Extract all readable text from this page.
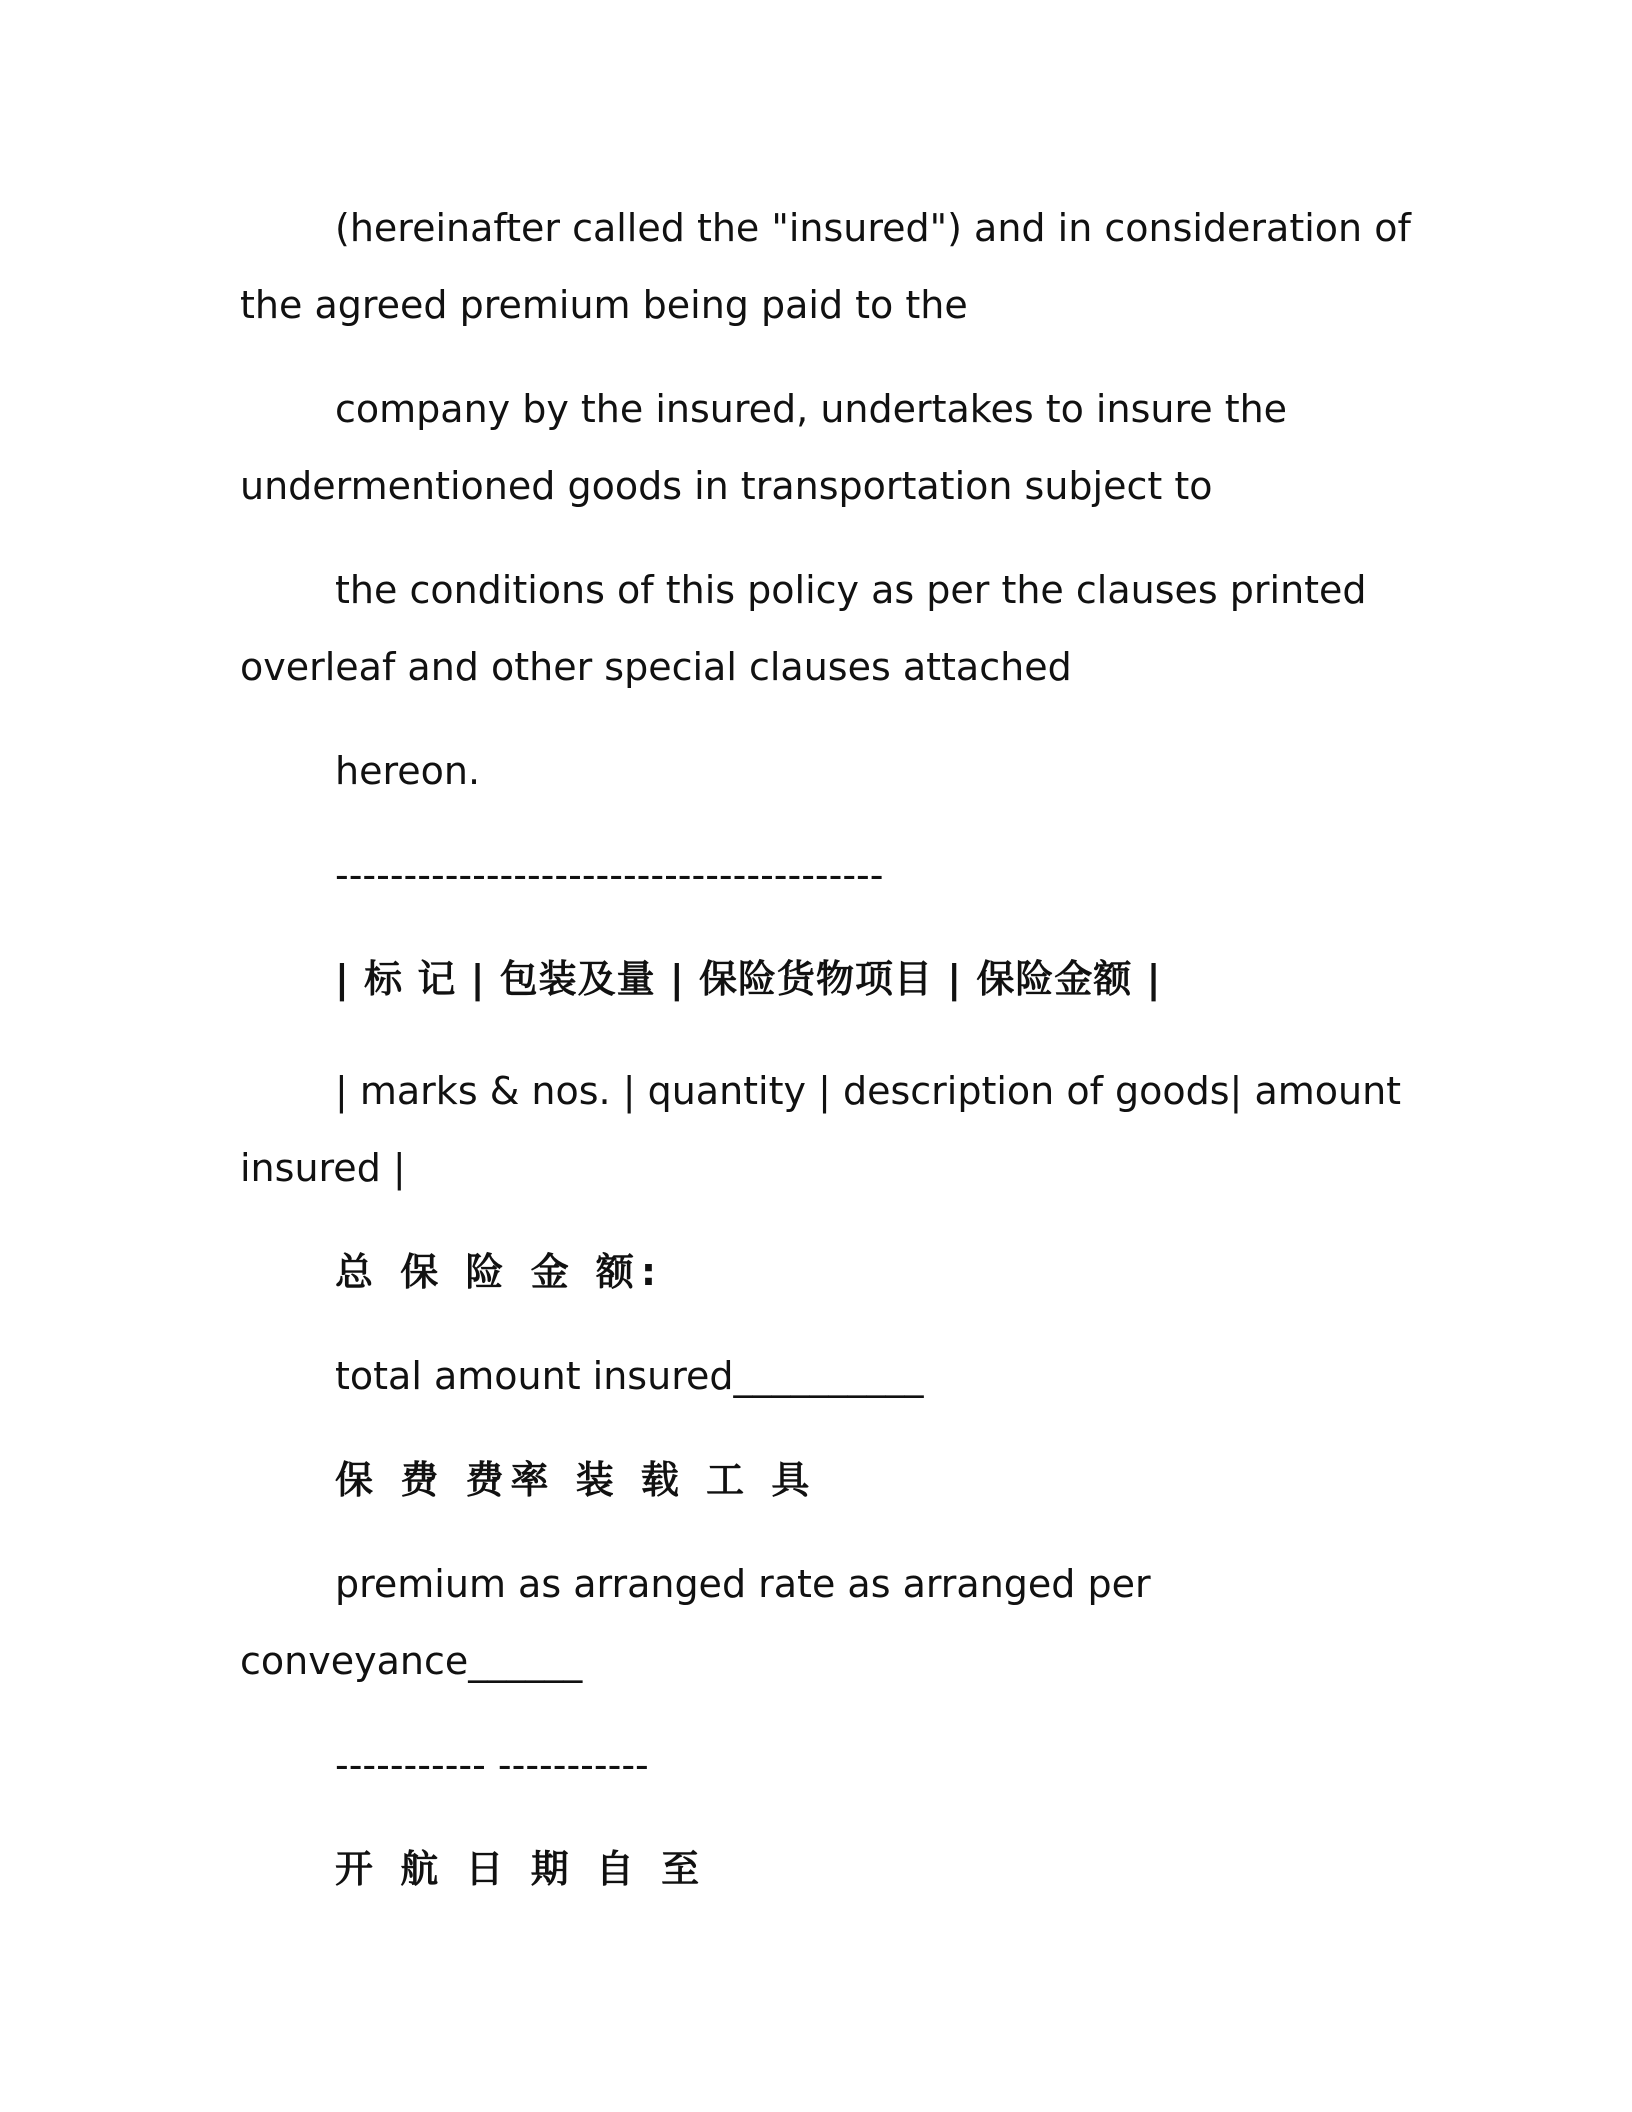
(hereinafter called the "insured") and in consideration of the agreed premium being paid to the

company by the insured, undertakes to insure the undermentioned goods in transportation subject to

the conditions of this policy as per the clauses printed overleaf and other special clauses attached

hereon.

----------------------------------------

| 标 记 | 包装及量 | 保险货物项目 | 保险金额 |

| marks & nos. | quantity | description of goods| amount insured |

总 保 险 金 额:

total amount insured__________

保 费 费率 装 载 工 具

premium as arranged rate as arranged per conveyance______

----------- -----------

开 航 日 期 自 至
